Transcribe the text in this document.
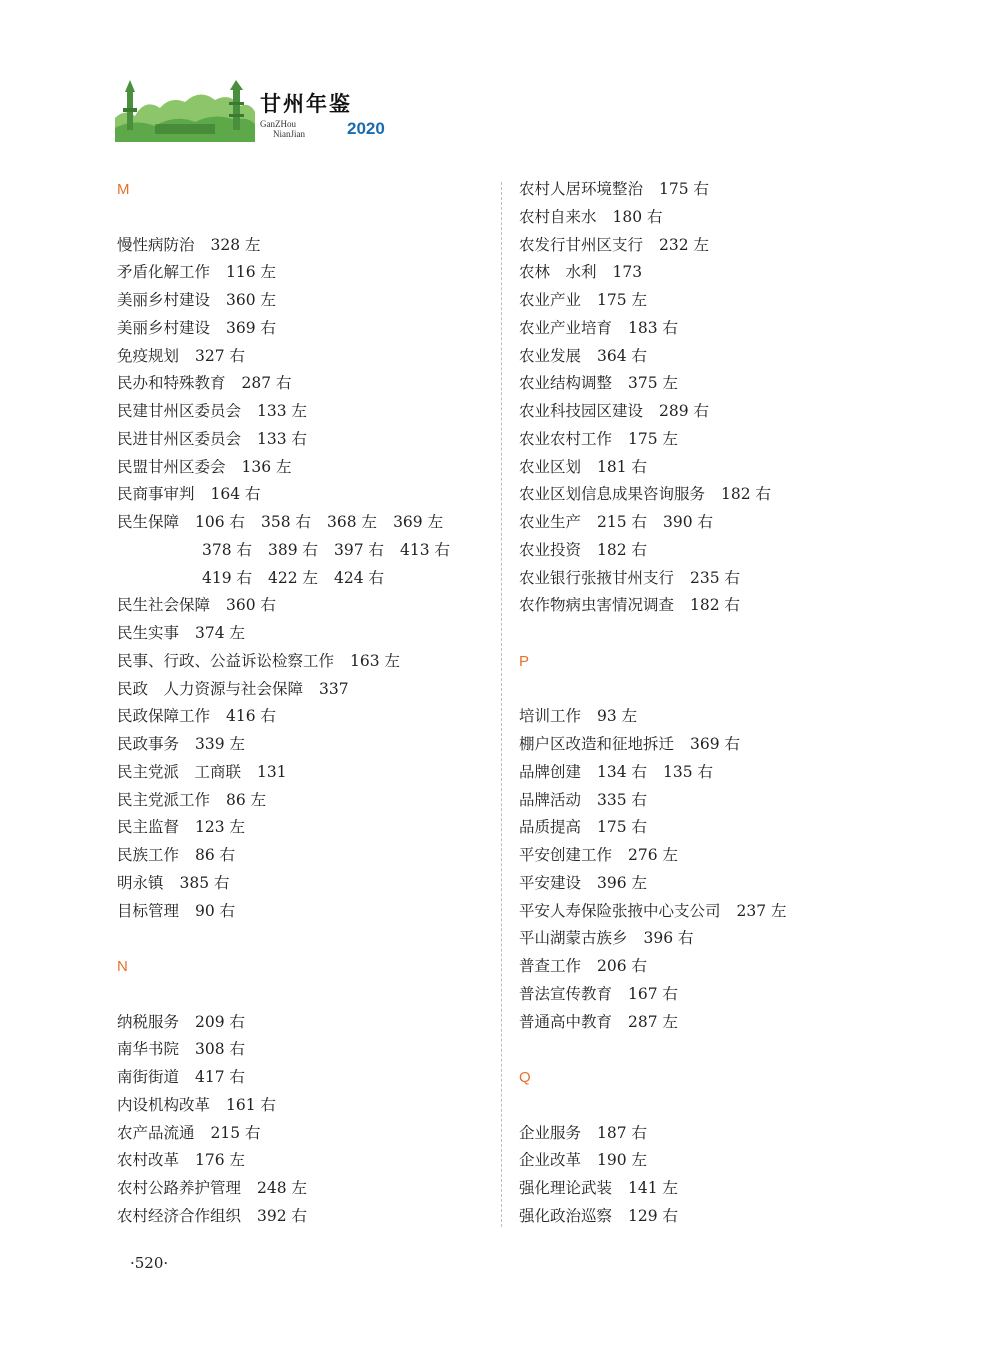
甘州年鉴
GanZHou
NianJian 2020
M
慢性病防治 328 左
矛盾化解工作 116 左
美丽乡村建设 360 左
美丽乡村建设 369 右
免疫规划 327 右
民办和特殊教育 287 右
民建甘州区委员会 133 左
民进甘州区委员会 133 右
民盟甘州区委会 136 左
民商事审判 164 右
民生保障 106 右 358 右 368 左 369 左
378 右 389 右 397 右 413 右
419 右 422 左 424 右
民生社会保障 360 右
民生实事 374 左
民事、行政、公益诉讼检察工作 163 左
民政　人力资源与社会保障 337
民政保障工作 416 右
民政事务 339 左
民主党派　工商联 131
民主党派工作 86 左
民主监督 123 左
民族工作 86 右
明永镇 385 右
目标管理 90 右
N
纳税服务 209 右
南华书院 308 右
南街街道 417 右
内设机构改革 161 右
农产品流通 215 右
农村改革 176 左
农村公路养护管理 248 左
农村经济合作组织 392 右
农村人居环境整治 175 右
农村自来水 180 右
农发行甘州区支行 232 左
农林　水利 173
农业产业 175 左
农业产业培育 183 右
农业发展 364 右
农业结构调整 375 左
农业科技园区建设 289 右
农业农村工作 175 左
农业区划 181 右
农业区划信息成果咨询服务 182 右
农业生产 215 右 390 右
农业投资 182 右
农业银行张掖甘州支行 235 右
农作物病虫害情况调查 182 右
P
培训工作 93 左
棚户区改造和征地拆迁 369 右
品牌创建 134 右 135 右
品牌活动 335 右
品质提高 175 右
平安创建工作 276 左
平安建设 396 左
平安人寿保险张掖中心支公司 237 左
平山湖蒙古族乡 396 右
普查工作 206 右
普法宣传教育 167 右
普通高中教育 287 左
Q
企业服务 187 右
企业改革 190 左
强化理论武装 141 左
强化政治巡察 129 右
·520·
